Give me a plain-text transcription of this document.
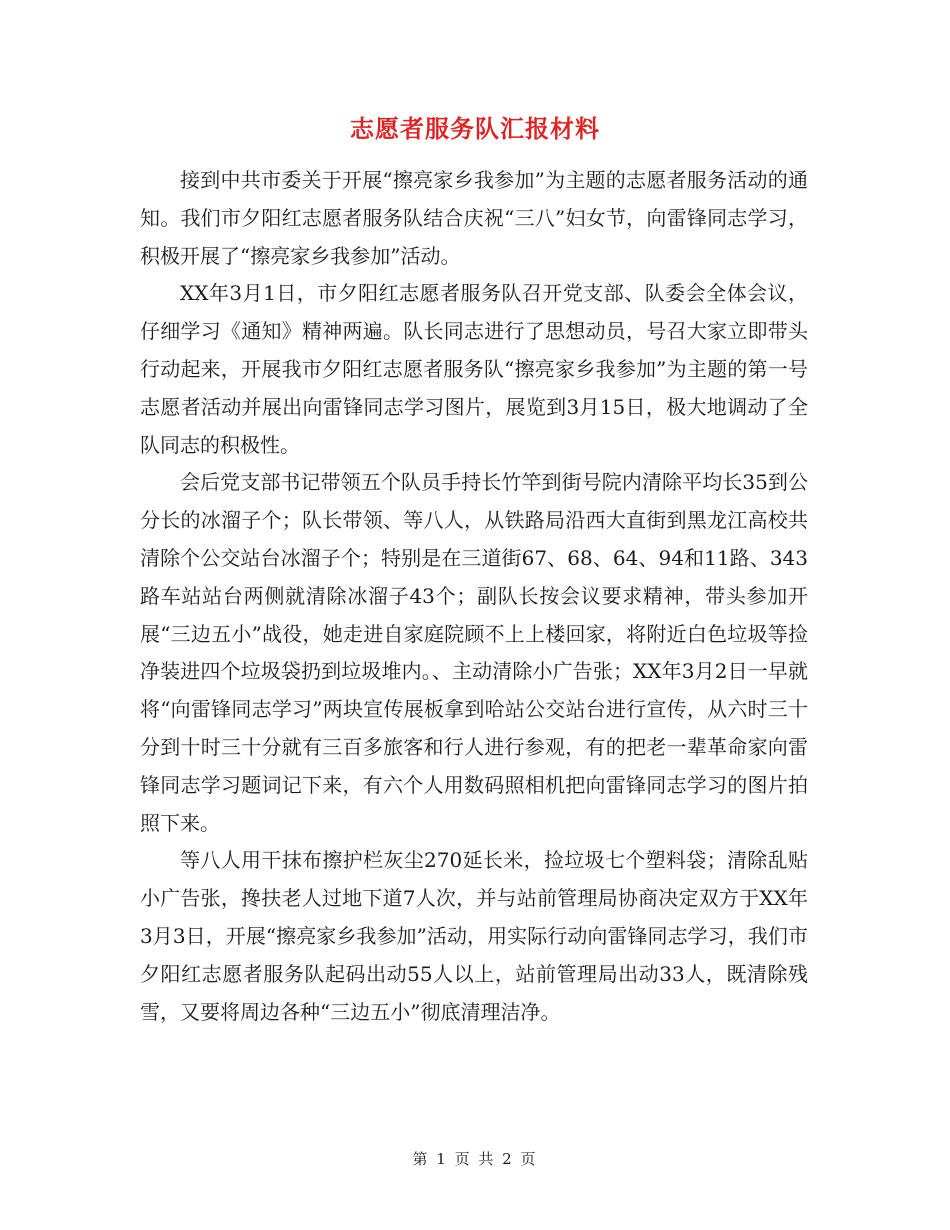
志愿者服务队汇报材料

接到中共市委关于开展“擦亮家乡我参加”为主题的志愿者服务活动的通知。我们市夕阳红志愿者服务队结合庆祝“三八”妇女节，向雷锋同志学习，积极开展了“擦亮家乡我参加”活动。

XX年3月1日，市夕阳红志愿者服务队召开党支部、队委会全体会议，仔细学习《通知》精神两遍。队长同志进行了思想动员，号召大家立即带头行动起来，开展我市夕阳红志愿者服务队“擦亮家乡我参加”为主题的第一号志愿者活动并展出向雷锋同志学习图片，展览到3月15日，极大地调动了全队同志的积极性。

会后党支部书记带领五个队员手持长竹竿到街号院内清除平均长35到公分长的冰溜子个；队长带领、等八人，从铁路局沿西大直街到黑龙江高校共清除个公交站台冰溜子个；特别是在三道街67、68、64、94和11路、343路车站站台两侧就清除冰溜子43个；副队长按会议要求精神，带头参加开展“三边五小”战役，她走进自家庭院顾不上上楼回家，将附近白色垃圾等捡净装进四个垃圾袋扔到垃圾堆内。、主动清除小广告张；XX年3月2日一早就将“向雷锋同志学习”两块宣传展板拿到哈站公交站台进行宣传，从六时三十分到十时三十分就有三百多旅客和行人进行参观，有的把老一辈革命家向雷锋同志学习题词记下来，有六个人用数码照相机把向雷锋同志学习的图片拍照下来。

等八人用干抹布擦护栏灰尘270延长米，捡垃圾七个塑料袋；清除乱贴小广告张，搀扶老人过地下道7人次，并与站前管理局协商决定双方于XX年3月3日，开展“擦亮家乡我参加”活动，用实际行动向雷锋同志学习，我们市夕阳红志愿者服务队起码出动55人以上，站前管理局出动33人，既清除残雪，又要将周边各种“三边五小”彻底清理洁净。

第 1 页 共 2 页
